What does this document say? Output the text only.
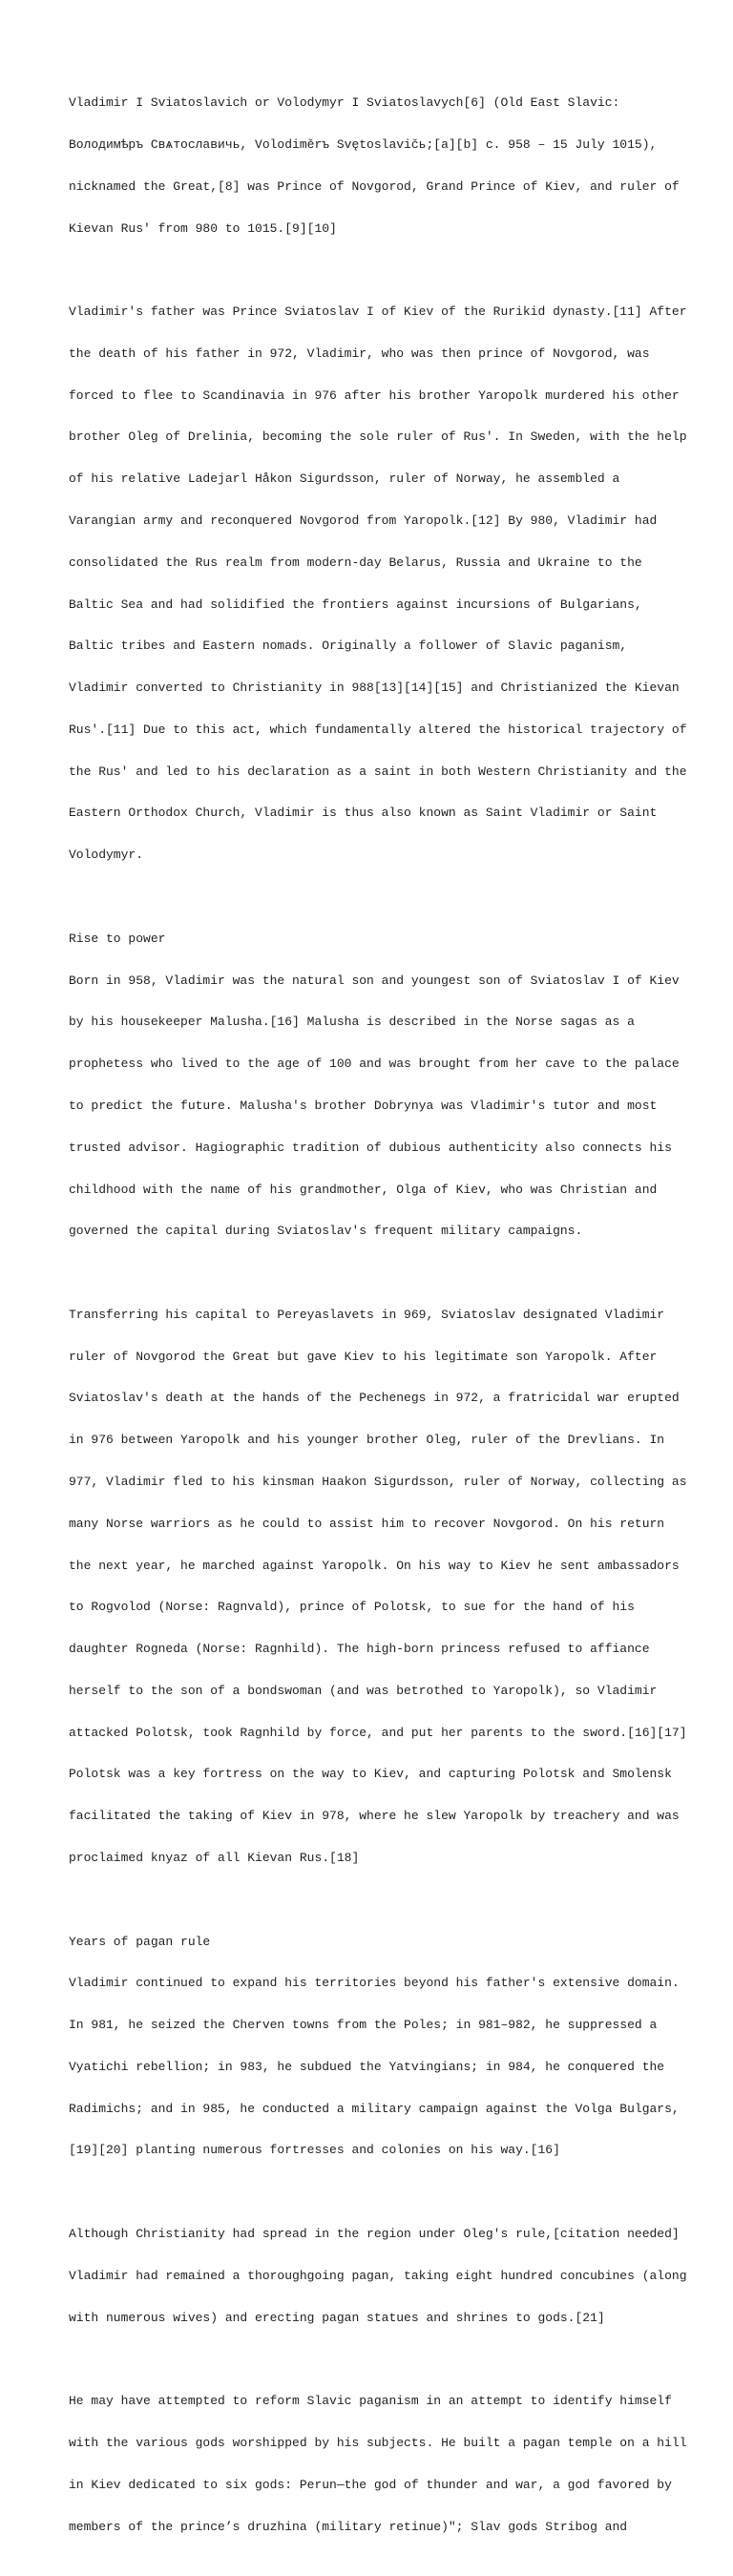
Vladimir I Sviatoslavich or Volodymyr I Sviatoslavych[6] (Old East Slavic:

Володимѣръ Свѧтославичь, Volodiměrъ Svętoslavičь;[a][b] c. 958 – 15 July 1015),

nicknamed the Great,[8] was Prince of Novgorod, Grand Prince of Kiev, and ruler of

Kievan Rus' from 980 to 1015.[9][10]

Vladimir's father was Prince Sviatoslav I of Kiev of the Rurikid dynasty.[11] After

the death of his father in 972, Vladimir, who was then prince of Novgorod, was

forced to flee to Scandinavia in 976 after his brother Yaropolk murdered his other

brother Oleg of Drelinia, becoming the sole ruler of Rus'. In Sweden, with the help

of his relative Ladejarl Håkon Sigurdsson, ruler of Norway, he assembled a

Varangian army and reconquered Novgorod from Yaropolk.[12] By 980, Vladimir had

consolidated the Rus realm from modern-day Belarus, Russia and Ukraine to the

Baltic Sea and had solidified the frontiers against incursions of Bulgarians,

Baltic tribes and Eastern nomads. Originally a follower of Slavic paganism,

Vladimir converted to Christianity in 988[13][14][15] and Christianized the Kievan

Rus'.[11] Due to this act, which fundamentally altered the historical trajectory of

the Rus' and led to his declaration as a saint in both Western Christianity and the

Eastern Orthodox Church, Vladimir is thus also known as Saint Vladimir or Saint

Volodymyr.

Rise to power

Born in 958, Vladimir was the natural son and youngest son of Sviatoslav I of Kiev

by his housekeeper Malusha.[16] Malusha is described in the Norse sagas as a

prophetess who lived to the age of 100 and was brought from her cave to the palace

to predict the future. Malusha's brother Dobrynya was Vladimir's tutor and most

trusted advisor. Hagiographic tradition of dubious authenticity also connects his

childhood with the name of his grandmother, Olga of Kiev, who was Christian and

governed the capital during Sviatoslav's frequent military campaigns.

Transferring his capital to Pereyaslavets in 969, Sviatoslav designated Vladimir

ruler of Novgorod the Great but gave Kiev to his legitimate son Yaropolk. After

Sviatoslav's death at the hands of the Pechenegs in 972, a fratricidal war erupted

in 976 between Yaropolk and his younger brother Oleg, ruler of the Drevlians. In

977, Vladimir fled to his kinsman Haakon Sigurdsson, ruler of Norway, collecting as

many Norse warriors as he could to assist him to recover Novgorod. On his return

the next year, he marched against Yaropolk. On his way to Kiev he sent ambassadors

to Rogvolod (Norse: Ragnvald), prince of Polotsk, to sue for the hand of his

daughter Rogneda (Norse: Ragnhild). The high-born princess refused to affiance

herself to the son of a bondswoman (and was betrothed to Yaropolk), so Vladimir

attacked Polotsk, took Ragnhild by force, and put her parents to the sword.[16][17]

Polotsk was a key fortress on the way to Kiev, and capturing Polotsk and Smolensk

facilitated the taking of Kiev in 978, where he slew Yaropolk by treachery and was

proclaimed knyaz of all Kievan Rus.[18]

Years of pagan rule

Vladimir continued to expand his territories beyond his father's extensive domain.

In 981, he seized the Cherven towns from the Poles; in 981–982, he suppressed a

Vyatichi rebellion; in 983, he subdued the Yatvingians; in 984, he conquered the

Radimichs; and in 985, he conducted a military campaign against the Volga Bulgars,

[19][20] planting numerous fortresses and colonies on his way.[16]

Although Christianity had spread in the region under Oleg's rule,[citation needed]

Vladimir had remained a thoroughgoing pagan, taking eight hundred concubines (along

with numerous wives) and erecting pagan statues and shrines to gods.[21]

He may have attempted to reform Slavic paganism in an attempt to identify himself

with the various gods worshipped by his subjects. He built a pagan temple on a hill

in Kiev dedicated to six gods: Perun—the god of thunder and war, a god favored by

members of the prince’s druzhina (military retinue)"; Slav gods Stribog and
